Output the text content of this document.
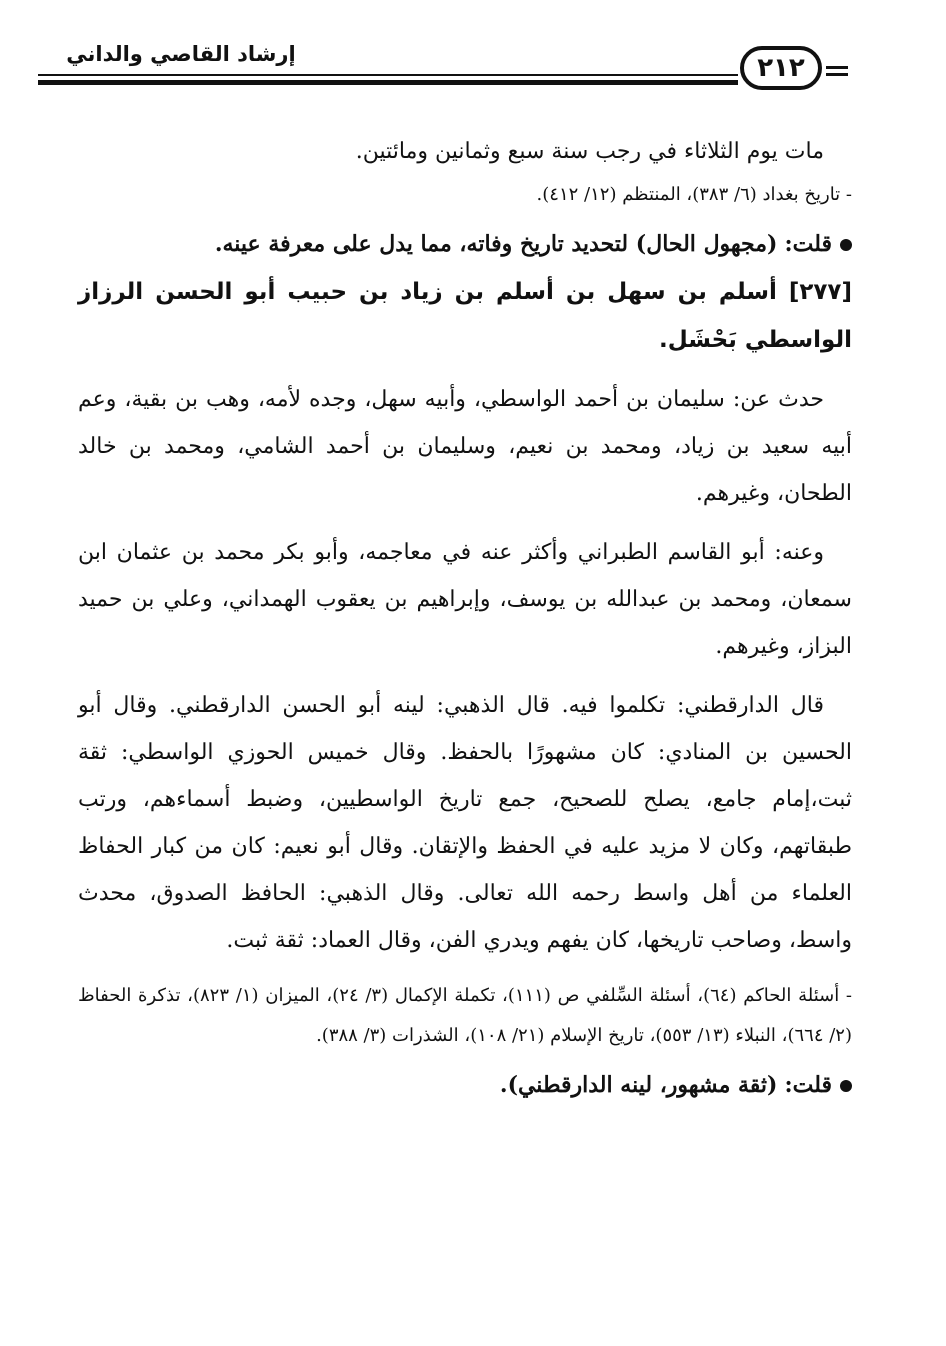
إرشاد القاصي والداني	٢١٢

مات يوم الثلاثاء في رجب سنة سبع وثمانين ومائتين.

- تاريخ بغداد (٦/ ٣٨٣)، المنتظم (١٢/ ٤١٢).

قلت: (مجهول الحال) لتحديد تاريخ وفاته، مما يدل على معرفة عينه.

[٢٧٧] أسلم بن سهل بن أسلم بن زياد بن حبيب أبو الحسن الرزاز الواسطي بَحْشَل.

حدث عن: سليمان بن أحمد الواسطي، وأبيه سهل، وجده لأمه، وهب بن بقية، وعم أبيه سعيد بن زياد، ومحمد بن نعيم، وسليمان بن أحمد الشامي، ومحمد بن خالد الطحان، وغيرهم.

وعنه: أبو القاسم الطبراني وأكثر عنه في معاجمه، وأبو بكر محمد بن عثمان ابن سمعان، ومحمد بن عبدالله بن يوسف، وإبراهيم بن يعقوب الهمداني، وعلي بن حميد البزاز، وغيرهم.

قال الدارقطني: تكلموا فيه. قال الذهبي: لينه أبو الحسن الدارقطني. وقال أبو الحسين بن المنادي: كان مشهورًا بالحفظ. وقال خميس الحوزي الواسطي: ثقة ثبت،إمام جامع، يصلح للصحيح، جمع تاريخ الواسطيين، وضبط أسماءهم، ورتب طبقاتهم، وكان لا مزيد عليه في الحفظ والإتقان. وقال أبو نعيم: كان من كبار الحفاظ العلماء من أهل واسط رحمه الله تعالى. وقال الذهبي: الحافظ الصدوق، محدث واسط، وصاحب تاريخها، كان يفهم ويدري الفن، وقال العماد: ثقة ثبت.

- أسئلة الحاكم (٦٤)، أسئلة السِّلفي ص (١١١)، تكملة الإكمال (٣/ ٢٤)، الميزان (١/ ٨٢٣)، تذكرة الحفاظ (٢/ ٦٦٤)، النبلاء (١٣/ ٥٥٣)، تاريخ الإسلام (٢١/ ١٠٨)، الشذرات (٣/ ٣٨٨).

قلت: (ثقة مشهور، لينه الدارقطني).
